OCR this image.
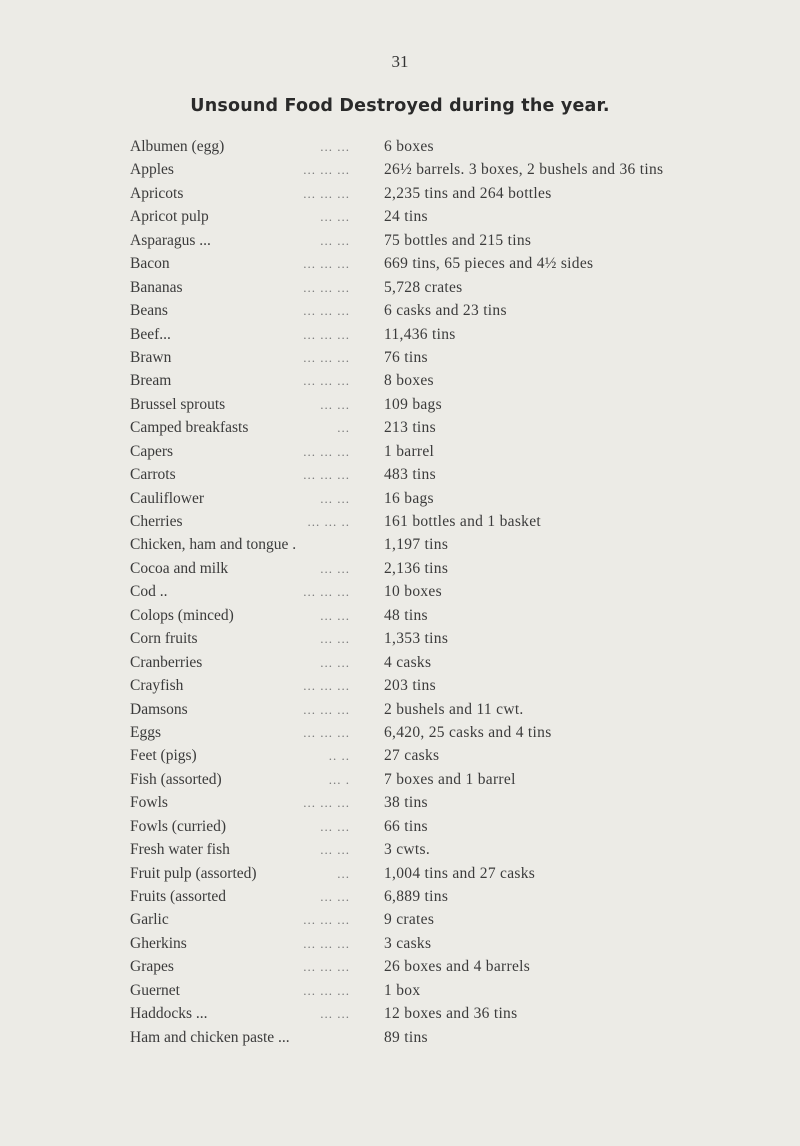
31
Unsound Food Destroyed during the year.
Albumen (egg)	... ... 6 boxes
Apples	... ... ... 26½ barrels. 3 boxes, 2 bushels and 36 tins
Apricots	... ... ... 2,235 tins and 264 bottles
Apricot pulp	... ... 24 tins
Asparagus ...	... ... 75 bottles and 215 tins
Bacon	... ... ... 669 tins, 65 pieces and 4½ sides
Bananas	... ... ... 5,728 crates
Beans	... ... ... 6 casks and 23 tins
Beef...	... ... ... 11,436 tins
Brawn	... ... ... 76 tins
Bream	... ... ... 8 boxes
Brussel sprouts	... ... 109 bags
Camped breakfasts	... 213 tins
Capers	... ... ... 1 barrel
Carrots	... ... ... 483 tins
Cauliflower	... ... 16 bags
Cherries	... ... .. 161 bottles and 1 basket
Chicken, ham and tongue .	1,197 tins
Cocoa and milk	... ... 2,136 tins
Cod ..	... ... ... 10 boxes
Colops (minced)	... ... 48 tins
Corn fruits	... ... 1,353 tins
Cranberries	... ... 4 casks
Crayfish	... ... ... 203 tins
Damsons	... ... ... 2 bushels and 11 cwt.
Eggs	... ... ... 6,420, 25 casks and 4 tins
Feet (pigs)	.. .. 27 casks
Fish (assorted)	... . 7 boxes and 1 barrel
Fowls	... ... ... 38 tins
Fowls (curried)	... ... 66 tins
Fresh water fish	... ... 3 cwts.
Fruit pulp (assorted)	... 1,004 tins and 27 casks
Fruits (assorted	... ... 6,889 tins
Garlic	... ... ... 9 crates
Gherkins	... ... ... 3 casks
Grapes	... ... ... 26 boxes and 4 barrels
Guernet	... ... ... 1 box
Haddocks ...	... ... 12 boxes and 36 tins
Ham and chicken paste ...	89 tins
